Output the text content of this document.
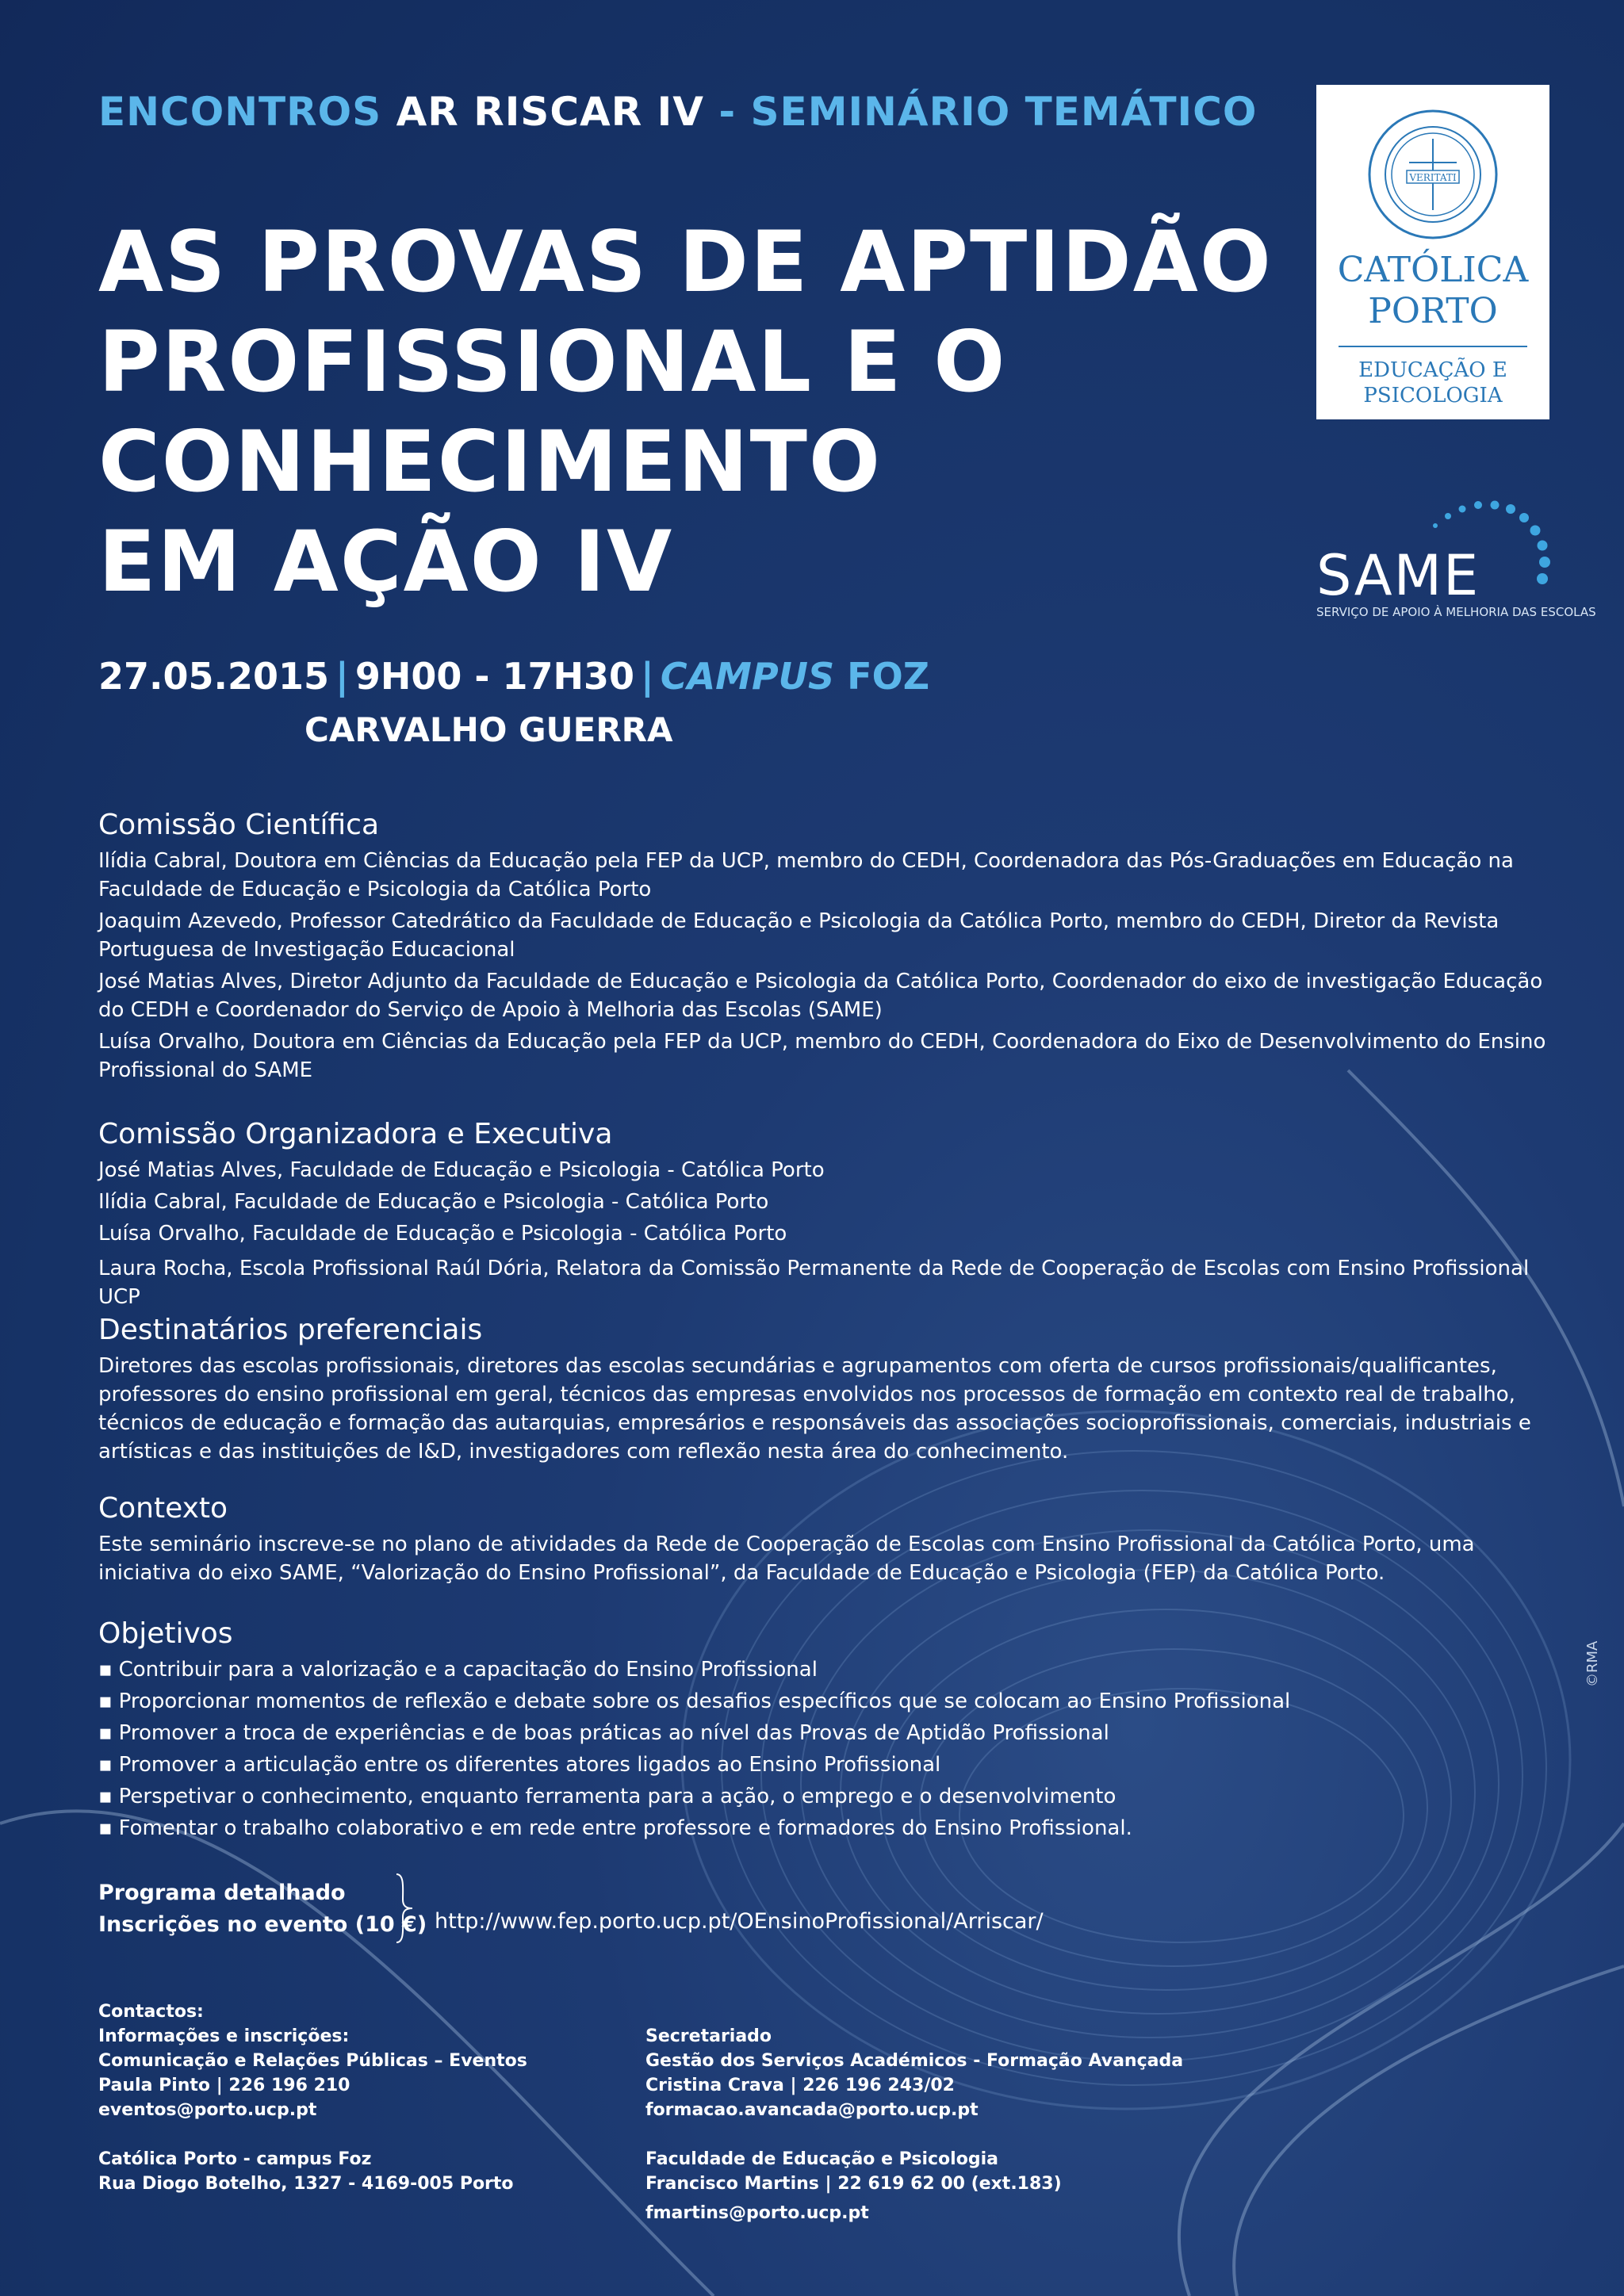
ENCONTROS AR RISCAR IV - SEMINÁRIO TEMÁTICO
AS PROVAS DE APTIDÃO
PROFISSIONAL E O
CONHECIMENTO
EM AÇÃO IV
27.05.2015 | 9H00 - 17H30 | CAMPUS FOZ
CARVALHO GUERRA
VERITATI
CATÓLICA
PORTO
EDUCAÇÃO E
PSICOLOGIA
SAME
SERVIÇO DE APOIO À MELHORIA DAS ESCOLAS
Comissão Científica

Ilídia Cabral, Doutora em Ciências da Educação pela FEP da UCP, membro do CEDH, Coordenadora das Pós-Graduações em Educação na Faculdade de Educação e Psicologia da Católica Porto

Joaquim Azevedo, Professor Catedrático da Faculdade de Educação e Psicologia da Católica Porto, membro do CEDH, Diretor da Revista Portuguesa de Investigação Educacional

José Matias Alves, Diretor Adjunto da Faculdade de Educação e Psicologia da Católica Porto, Coordenador do eixo de investigação Educação do CEDH e Coordenador do Serviço de Apoio à Melhoria das Escolas (SAME)

Luísa Orvalho, Doutora em Ciências da Educação pela FEP da UCP, membro do CEDH, Coordenadora do Eixo de Desenvolvimento do Ensino Profissional do SAME

Comissão Organizadora e Executiva

José Matias Alves, Faculdade de Educação e Psicologia - Católica Porto

Ilídia Cabral, Faculdade de Educação e Psicologia - Católica Porto

Luísa Orvalho, Faculdade de Educação e Psicologia - Católica Porto

Laura Rocha, Escola Profissional Raúl Dória, Relatora da Comissão Permanente da Rede de Cooperação de Escolas com Ensino Profissional UCP

Destinatários preferenciais

Diretores das escolas profissionais, diretores das escolas secundárias e agrupamentos com oferta de cursos profissionais/qualificantes, professores do ensino profissional em geral, técnicos das empresas envolvidos nos processos de formação em contexto real de trabalho, técnicos de educação e formação das autarquias, empresários e responsáveis das associações socioprofissionais, comerciais, industriais e artísticas e das instituições de I&D, investigadores com reflexão nesta área do conhecimento.

Contexto

Este seminário inscreve-se no plano de atividades da Rede de Cooperação de Escolas com Ensino Profissional da Católica Porto, uma iniciativa do eixo SAME, “Valorização do Ensino Profissional”, da Faculdade de Educação e Psicologia (FEP) da Católica Porto.

Objetivos

▪ Contribuir para a valorização e a capacitação do Ensino Profissional

▪ Proporcionar momentos de reflexão e debate sobre os desafios específicos que se colocam ao Ensino Profissional

▪ Promover a troca de experiências e de boas práticas ao nível das Provas de Aptidão Profissional

▪ Promover a articulação entre os diferentes atores ligados ao Ensino Profissional

▪ Perspetivar o conhecimento, enquanto ferramenta para a ação, o emprego e o desenvolvimento

▪ Fomentar o trabalho colaborativo e em rede entre professore e formadores do Ensino Profissional.

Programa detalhado
Inscrições no evento (10 €) http://www.fep.porto.ucp.pt/OEnsinoProfissional/Arriscar/
Contactos:
Informações e inscrições:
Comunicação e Relações Públicas – Eventos
Paula Pinto | 226 196 210
eventos@porto.ucp.pt
Católica Porto - campus Foz
Rua Diogo Botelho, 1327 - 4169-005 Porto
Secretariado
Gestão dos Serviços Académicos - Formação Avançada
Cristina Crava | 226 196 243/02
formacao.avancada@porto.ucp.pt
Faculdade de Educação e Psicologia
Francisco Martins | 22 619 62 00 (ext.183)
fmartins@porto.ucp.pt
©RMA
